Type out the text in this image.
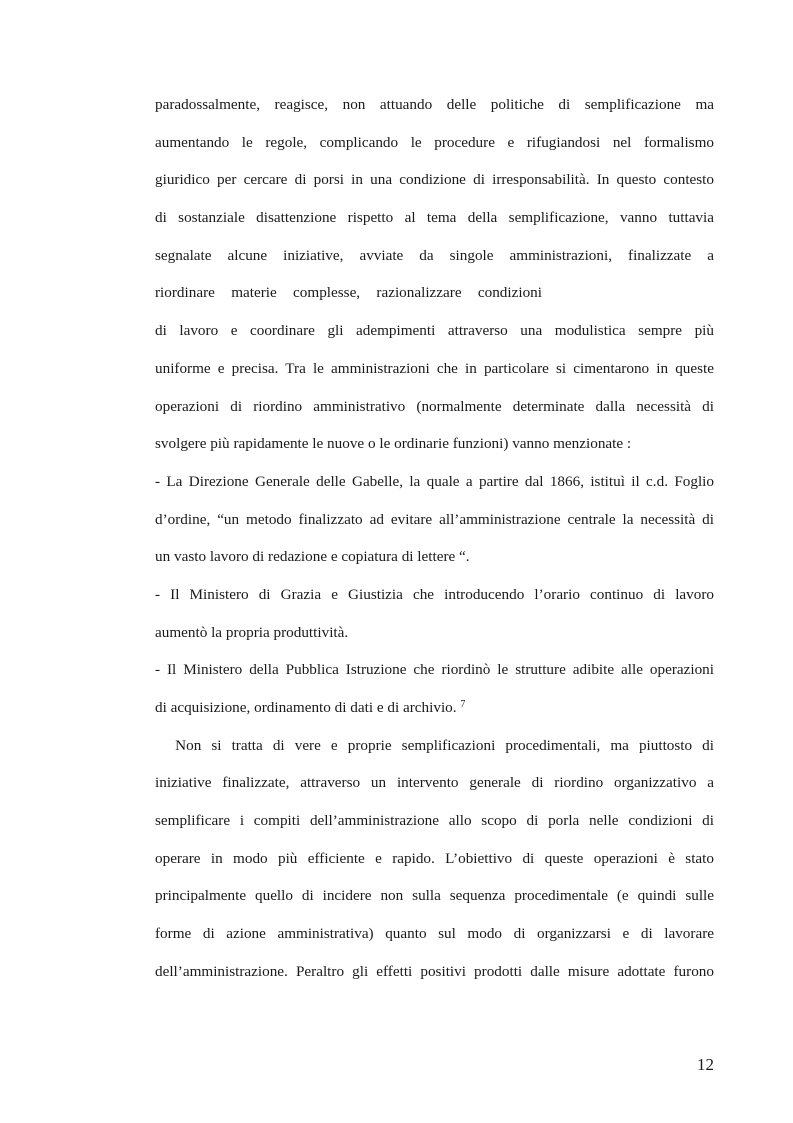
paradossalmente, reagisce, non attuando delle politiche di semplificazione ma
aumentando le regole, complicando le procedure e rifugiandosi nel formalismo
giuridico per cercare di porsi in una condizione di irresponsabilità. In questo contesto
di sostanziale disattenzione rispetto al tema della semplificazione, vanno tuttavia
segnalate alcune iniziative, avviate da singole amministrazioni, finalizzate a
riordinare materie complesse, razionalizzare condizioni
di lavoro e coordinare gli adempimenti attraverso una modulistica sempre più
uniforme e precisa. Tra le amministrazioni che in particolare si cimentarono in queste
operazioni di riordino amministrativo (normalmente determinate dalla necessità di
svolgere più rapidamente le nuove o le ordinarie funzioni) vanno menzionate :
- La Direzione Generale delle Gabelle, la quale a partire dal 1866, istituì il c.d. Foglio
d’ordine, “un metodo finalizzato ad evitare all’amministrazione centrale la necessità di
un vasto lavoro di redazione e copiatura di lettere “.
- Il Ministero di Grazia e Giustizia che introducendo l’orario continuo di lavoro
aumentò la propria produttività.
- Il Ministero della Pubblica Istruzione che riordinò le strutture adibite alle operazioni
di acquisizione, ordinamento di dati e di archivio. $^7$
Non si tratta di vere e proprie semplificazioni procedimentali, ma piuttosto di
iniziative finalizzate, attraverso un intervento generale di riordino organizzativo a
semplificare i compiti dell’amministrazione allo scopo di porla nelle condizioni di
operare in modo più efficiente e rapido. L’obiettivo di queste operazioni è stato
principalmente quello di incidere non sulla sequenza procedimentale (e quindi sulle
forme di azione amministrativa) quanto sul modo di organizzarsi e di lavorare
dell’amministrazione. Peraltro gli effetti positivi prodotti dalle misure adottate furono
12
